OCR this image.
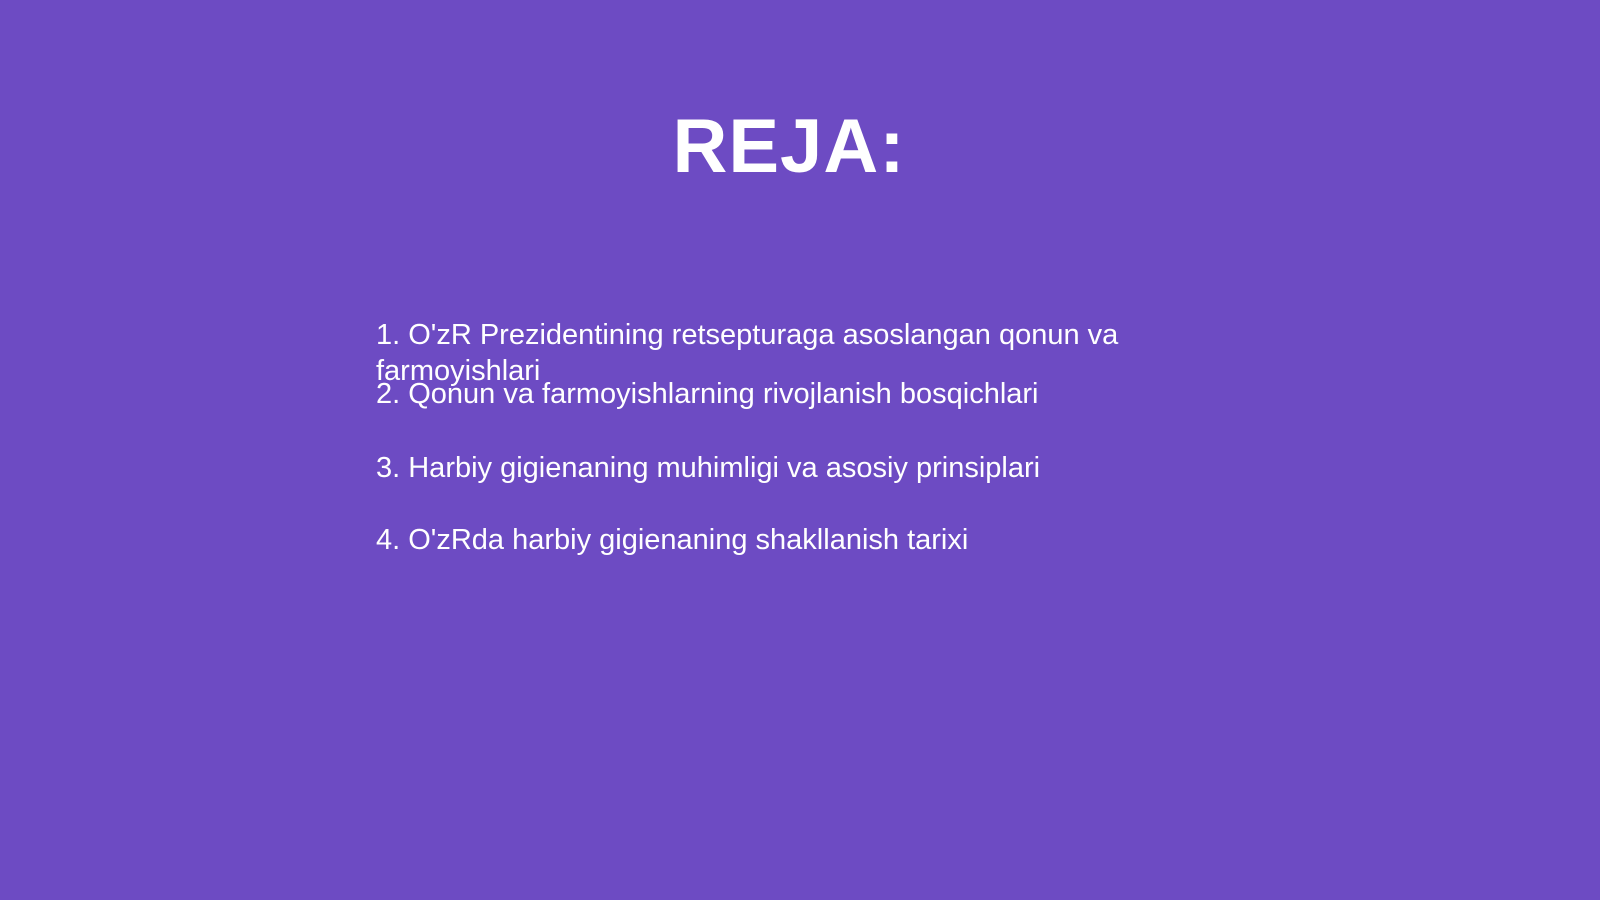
REJA:

1. O'zR Prezidentining retsepturaga asoslangan qonun va farmoyishlari

2. Qonun va farmoyishlarning rivojlanish bosqichlari

3. Harbiy gigienaning muhimligi va asosiy prinsiplari

4. O'zRda harbiy gigienaning shakllanish tarixi
